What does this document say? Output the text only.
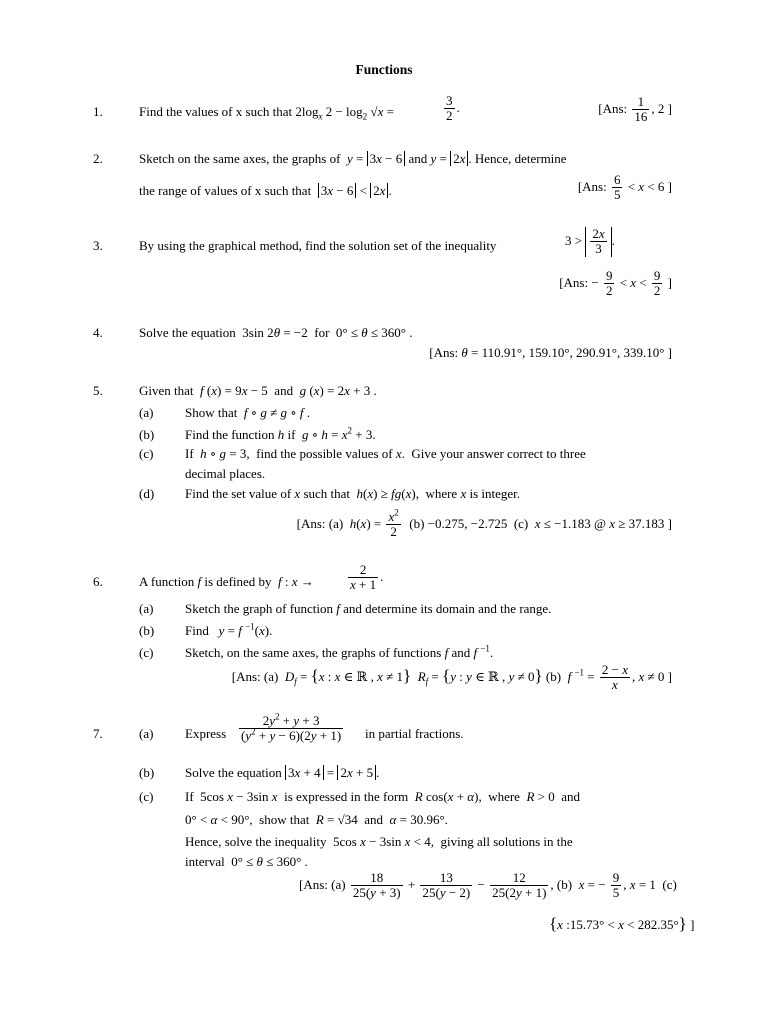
Functions
1.	Find the values of x such that $2\log_x$ $2 - \log_2 √x$ =	$\frac{3}{2}$ .	[Ans: $\frac{1}{16}$ , 2 ]
2.	Sketch on the same axes, the graphs of y = 3x − 6 and y = 2x . Hence, determine
the range of values of x such that 3x − 6 < 2x .	[Ans: $\frac{6}{5} < x < 6$ ]
3.	By using the graphical method, find the solution set of the inequality	$3 > \frac{2x}{3}$ .
[Ans: − $\frac{9}{2} < x < \frac{9}{2}$ ]
4.	Solve the equation  3sin 2θ = −2  for  0° ≤ θ ≤ 360° .
[Ans: θ = 110.91°, 159.10°, 290.91°, 339.10° ]
5.	Given that f (x) = 9x − 5  and  g (x) = 2x + 3 .
(a) Show that  f ∘ g ≠ g ∘ f .
(b) Find the function h if  g ∘ $h = x^2 + 3$.
(c) If  h ∘ g = 3,  find the possible values of x.  Give your answer correct to three
decimal places.
(d) Find the set value of x such that  h(x) ≥ fg(x),  where x is integer.
[Ans: (a)  $h(x) = \frac{x^2}{2} (b) -0.275$, −2.725  (c)  x ≤ −1.183 @ x ≥ 37.183 ]
6.	A function f is defined by  f : x →	$\frac{2}{x + 1}$ .
(a) Sketch the graph of function f and determine its domain and the range.
(b) Find   y = f $^{-1}$(x).
(c) Sketch, on the same axes, the graphs of functions f and f $^{-1}$.
[Ans: (a)  $D_f = \{x$ : x ∈ ℝ , x ≠ 1} $R_f = \{y$ : y ∈ ℝ , y ≠ 0} (b)  f $^{-1} = \frac{2 - x}{x}$ , x ≠ 0 ]
7.	(a) Express $\frac{2y^2 + y + 3}{(y^2 + y - 6)(2y + 1)}$ in partial fractions.
(b) Solve the equation 3x + 4 = 2x + 5 .
(c) If  5cos x − 3sin x  is expressed in the form  R cos(x + α),  where  R > 0  and
0° < α < 90°,  show that  R = √34  and  α = 30.96°.
Hence, solve the inequality  5cos x − 3sin x < 4,  giving all solutions in the
interval  0° ≤ θ ≤ 360° .
[Ans: $(a) \frac{18}{25(y + 3)} + \frac{13}{25(y - 2)} - \frac{12}{25(2y + 1)}$ , (b)  x = − $\frac{9}{5}$ , x = 1  (c)
{x :15.73° < x < 282.35°} ]
